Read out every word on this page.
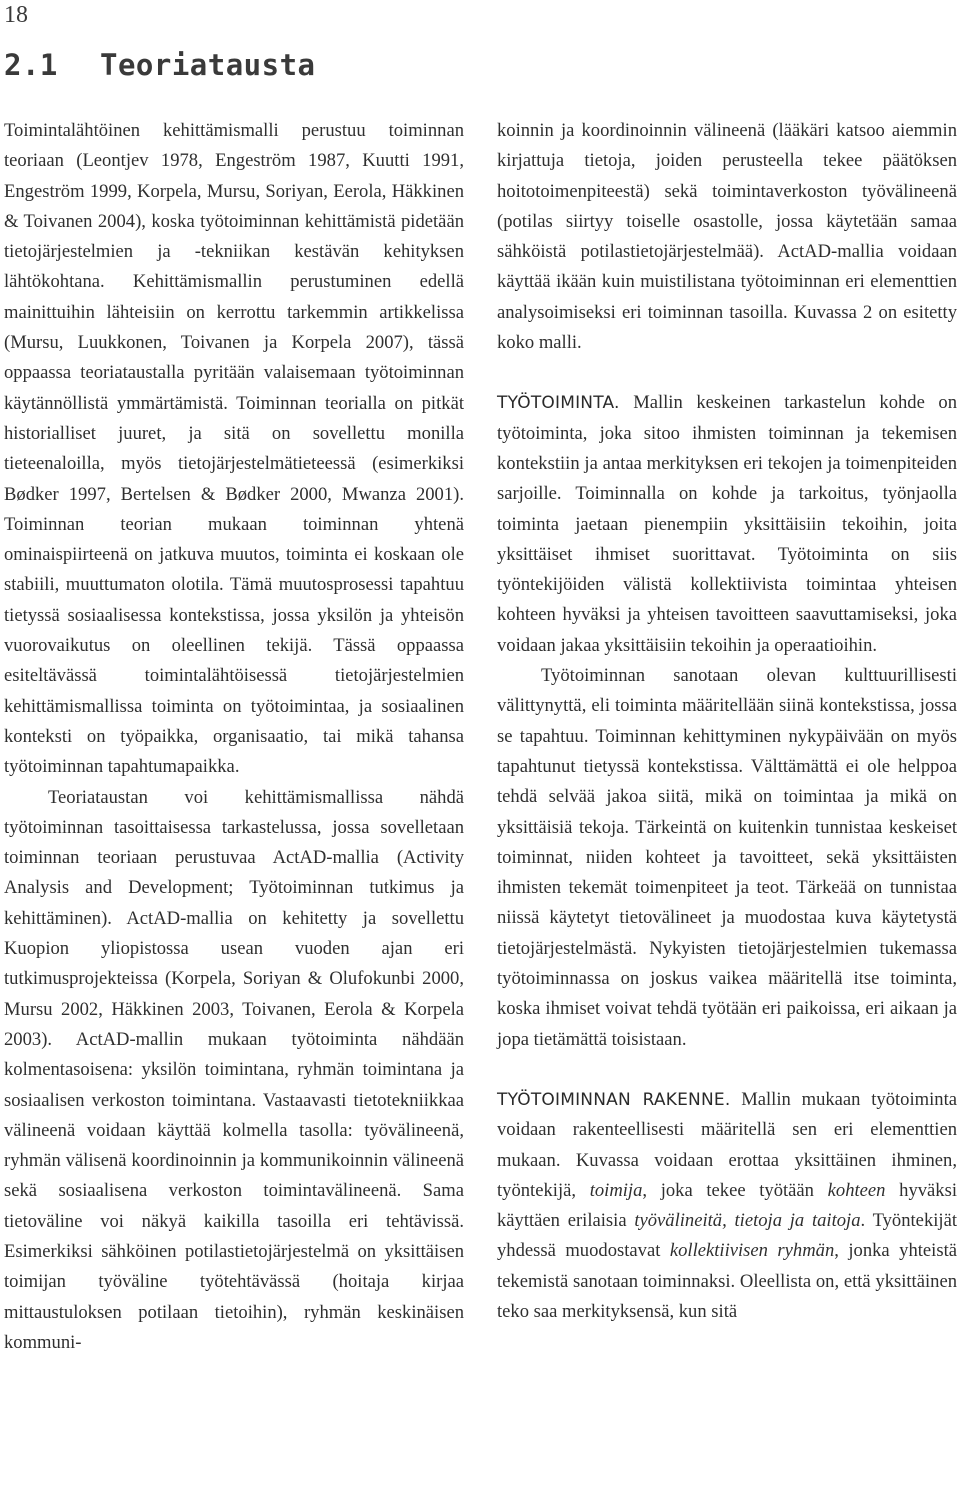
18
2.1 Teoriatausta

Toimintalähtöinen kehittämismalli perustuu toiminnan teoriaan (Leontjev 1978, Engeström 1987, Kuutti 1991, Engeström 1999, Korpela, Mursu, Soriyan, Eerola, Häkkinen & Toivanen 2004), koska työtoiminnan kehittämistä pidetään tietojärjestelmien ja -tekniikan kestävän kehityksen lähtökohtana. Kehittämismallin perustuminen edellä mainittuihin lähteisiin on kerrottu tarkemmin artikkelissa (Mursu, Luukkonen, Toivanen ja Korpela 2007), tässä oppaassa teoriataustalla pyritään valaisemaan työtoiminnan käytännöllistä ymmärtämistä. Toiminnan teorialla on pitkät historialliset juuret, ja sitä on sovellettu monilla tieteenaloilla, myös tietojärjestelmätieteessä (esimerkiksi Bødker 1997, Bertelsen & Bødker 2000, Mwanza 2001). Toiminnan teorian mukaan toiminnan yhtenä ominaispiirteenä on jatkuva muutos, toiminta ei koskaan ole stabiili, muuttumaton olotila. Tämä muutosprosessi tapahtuu tietyssä sosiaalisessa kontekstissa, jossa yksilön ja yhteisön vuorovaikutus on oleellinen tekijä. Tässä oppaassa esiteltävässä toimintalähtöisessä tietojärjestelmien kehittämismallissa toiminta on työtoimintaa, ja sosiaalinen konteksti on työpaikka, organisaatio, tai mikä tahansa työtoiminnan tapahtumapaikka.

Teoriataustan voi kehittämismallissa nähdä työtoiminnan tasoittaisessa tarkastelussa, jossa sovelletaan toiminnan teoriaan perustuvaa ActAD-mallia (Activity Analysis and Development; Työtoiminnan tutkimus ja kehittäminen). ActAD-mallia on kehitetty ja sovellettu Kuopion yliopistossa usean vuoden ajan eri tutkimusprojekteissa (Korpela, Soriyan & Olufokunbi 2000, Mursu 2002, Häkkinen 2003, Toivanen, Eerola & Korpela 2003). ActAD-mallin mukaan työtoiminta nähdään kolmentasoisena: yksilön toimintana, ryhmän toimintana ja sosiaalisen verkoston toimintana. Vastaavasti tietotekniikkaa välineenä voidaan käyttää kolmella tasolla: työvälineenä, ryhmän välisenä koordinoinnin ja kommunikoinnin välineenä sekä sosiaalisena verkoston toimintavälineenä. Sama tietoväline voi näkyä kaikilla tasoilla eri tehtävissä. Esimerkiksi sähköinen potilastietojärjestelmä on yksittäisen toimijan työväline työtehtävässä (hoitaja kirjaa mittaustuloksen potilaan tietoihin), ryhmän keskinäisen kommuni-

koinnin ja koordinoinnin välineenä (lääkäri katsoo aiemmin kirjattuja tietoja, joiden perusteella tekee päätöksen hoitotoimenpiteestä) sekä toimintaverkoston työvälineenä (potilas siirtyy toiselle osastolle, jossa käytetään samaa sähköistä potilastietojärjestelmää). ActAD-mallia voidaan käyttää ikään kuin muistilistana työtoiminnan eri elementtien analysoimiseksi eri toiminnan tasoilla. Kuvassa 2 on esitetty koko malli.

TYÖTOIMINTA. Mallin keskeinen tarkastelun kohde on työtoiminta, joka sitoo ihmisten toiminnan ja tekemisen kontekstiin ja antaa merkityksen eri tekojen ja toimenpiteiden sarjoille. Toiminnalla on kohde ja tarkoitus, työnjaolla toiminta jaetaan pienempiin yksittäisiin tekoihin, joita yksittäiset ihmiset suorittavat. Työtoiminta on siis työntekijöiden välistä kollektiivista toimintaa yhteisen kohteen hyväksi ja yhteisen tavoitteen saavuttamiseksi, joka voidaan jakaa yksittäisiin tekoihin ja operaatioihin.

Työtoiminnan sanotaan olevan kulttuurillisesti välittynyttä, eli toiminta määritellään siinä kontekstissa, jossa se tapahtuu. Toiminnan kehittyminen nykypäivään on myös tapahtunut tietyssä kontekstissa. Välttämättä ei ole helppoa tehdä selvää jakoa siitä, mikä on toimintaa ja mikä on yksittäisiä tekoja. Tärkeintä on kuitenkin tunnistaa keskeiset toiminnat, niiden kohteet ja tavoitteet, sekä yksittäisten ihmisten tekemät toimenpiteet ja teot. Tärkeää on tunnistaa niissä käytetyt tietovälineet ja muodostaa kuva käytetystä tietojärjestelmästä. Nykyisten tietojärjestelmien tukemassa työtoiminnassa on joskus vaikea määritellä itse toiminta, koska ihmiset voivat tehdä työtään eri paikoissa, eri aikaan ja jopa tietämättä toisistaan.

TYÖTOIMINNAN RAKENNE. Mallin mukaan työtoiminta voidaan rakenteellisesti määritellä sen eri elementtien mukaan. Kuvassa voidaan erottaa yksittäinen ihminen, työntekijä, toimija, joka tekee työtään kohteen hyväksi käyttäen erilaisia työvälineitä, tietoja ja taitoja. Työntekijät yhdessä muodostavat kollektiivisen ryhmän, jonka yhteistä tekemistä sanotaan toiminnaksi. Oleellista on, että yksittäinen teko saa merkityksensä, kun sitä
